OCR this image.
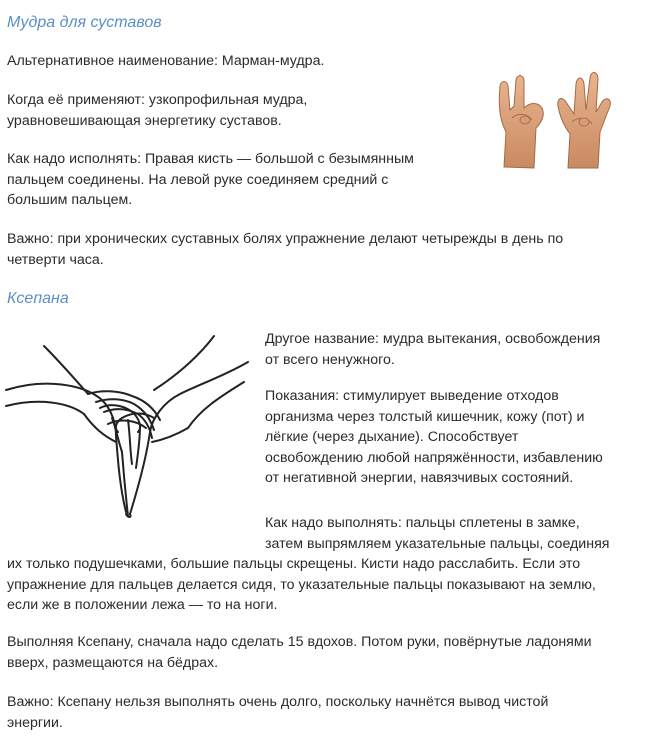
Мудра для суставов

Альтернативное наименование: Марман-мудра.

Когда её применяют: узкопрофильная мудра,
уравновешивающая энергетику суставов.

Как надо исполнять: Правая кисть — большой с безымянным
пальцем соединены. На левой руке соединяем средний с
большим пальцем.

Важно: при хронических суставных болях упражнение делают четырежды в день по
четверти часа.

Ксепана

Другое название: мудра вытекания, освобождения
от всего ненужного.

Показания: стимулирует выведение отходов
организма через толстый кишечник, кожу (пот) и
лёгкие (через дыхание). Способствует
освобождению любой напряжённости, избавлению
от негативной энергии, навязчивых состояний.

Как надо выполнять: пальцы сплетены в замке,
затем выпрямляем указательные пальцы, соединяя

их только подушечками, большие пальцы скрещены. Кисти надо расслабить. Если это
упражнение для пальцев делается сидя, то указательные пальцы показывают на землю,
если же в положении лежа — то на ноги.

Выполняя Ксепану, сначала надо сделать 15 вдохов. Потом руки, повёрнутые ладонями
вверх, размещаются на бёдрах.

Важно: Ксепану нельзя выполнять очень долго, поскольку начнётся вывод чистой
энергии.
